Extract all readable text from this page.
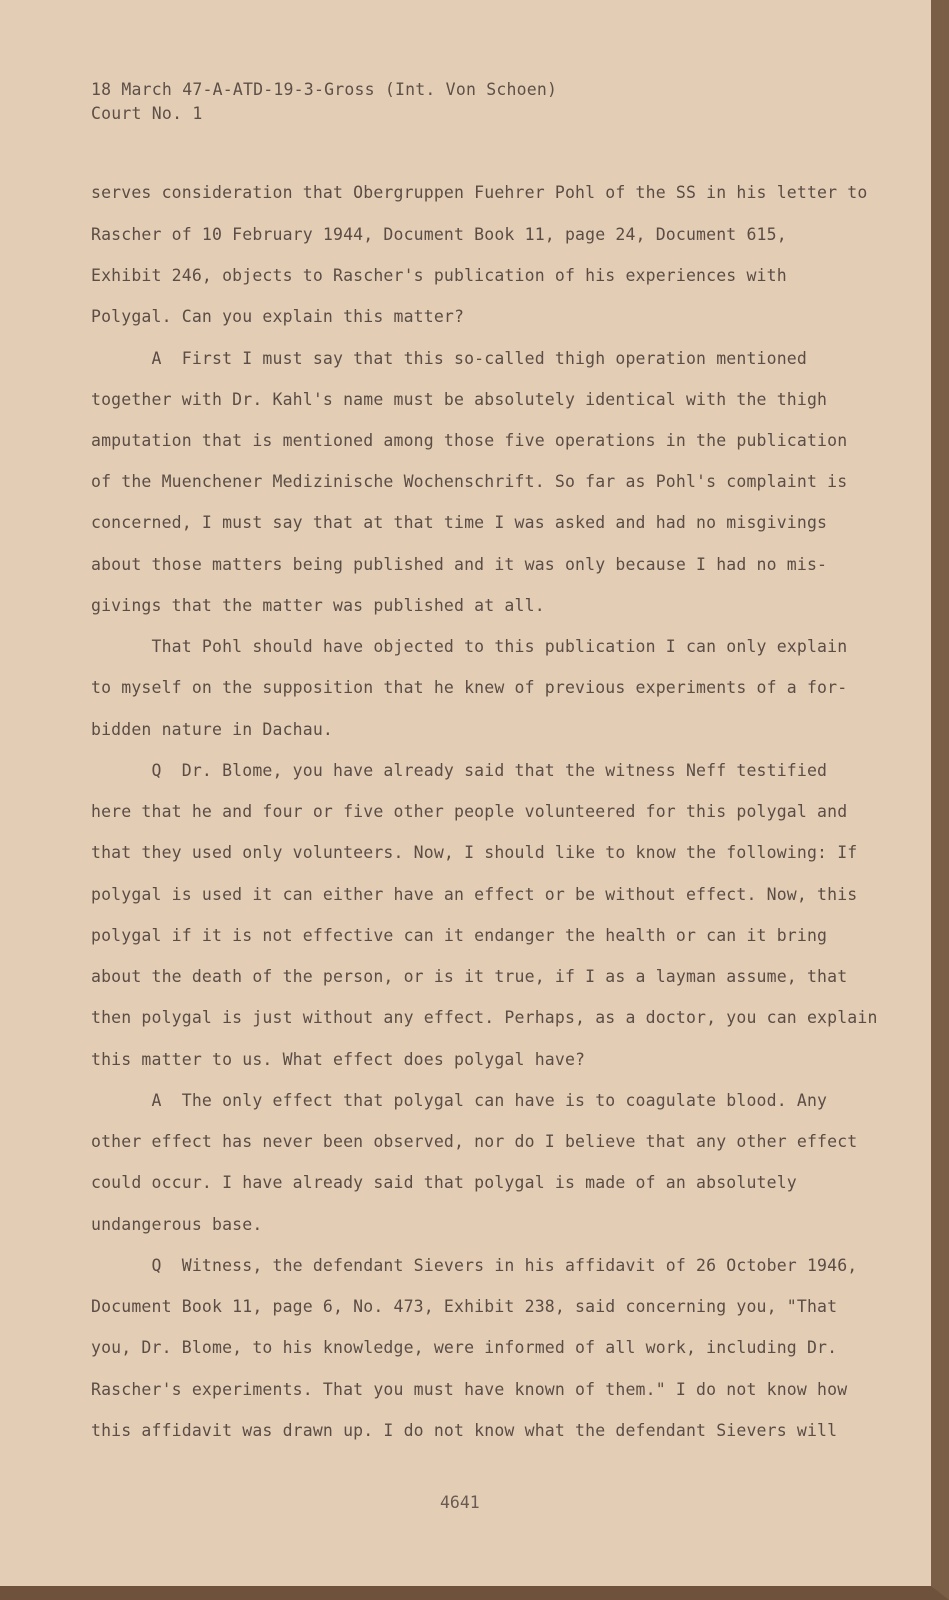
18 March 47-A-ATD-19-3-Gross (Int. Von Schoen)
Court No. 1
serves consideration that Obergruppen Fuehrer Pohl of the SS in his letter to
Rascher of 10 February 1944, Document Book 11, page 24, Document 615,
Exhibit 246, objects to Rascher's publication of his experiences with
Polygal. Can you explain this matter?
A  First I must say that this so-called thigh operation mentioned
together with Dr. Kahl's name must be absolutely identical with the thigh
amputation that is mentioned among those five operations in the publication
of the Muenchener Medizinische Wochenschrift. So far as Pohl's complaint is
concerned, I must say that at that time I was asked and had no misgivings
about those matters being published and it was only because I had no mis-
givings that the matter was published at all.
That Pohl should have objected to this publication I can only explain
to myself on the supposition that he knew of previous experiments of a for-
bidden nature in Dachau.
Q  Dr. Blome, you have already said that the witness Neff testified
here that he and four or five other people volunteered for this polygal and
that they used only volunteers. Now, I should like to know the following: If
polygal is used it can either have an effect or be without effect. Now, this
polygal if it is not effective can it endanger the health or can it bring
about the death of the person, or is it true, if I as a layman assume, that
then polygal is just without any effect. Perhaps, as a doctor, you can explain
this matter to us. What effect does polygal have?
A  The only effect that polygal can have is to coagulate blood. Any
other effect has never been observed, nor do I believe that any other effect
could occur. I have already said that polygal is made of an absolutely
undangerous base.
Q  Witness, the defendant Sievers in his affidavit of 26 October 1946,
Document Book 11, page 6, No. 473, Exhibit 238, said concerning you, "That
you, Dr. Blome, to his knowledge, were informed of all work, including Dr.
Rascher's experiments. That you must have known of them." I do not know how
this affidavit was drawn up. I do not know what the defendant Sievers will
4641
